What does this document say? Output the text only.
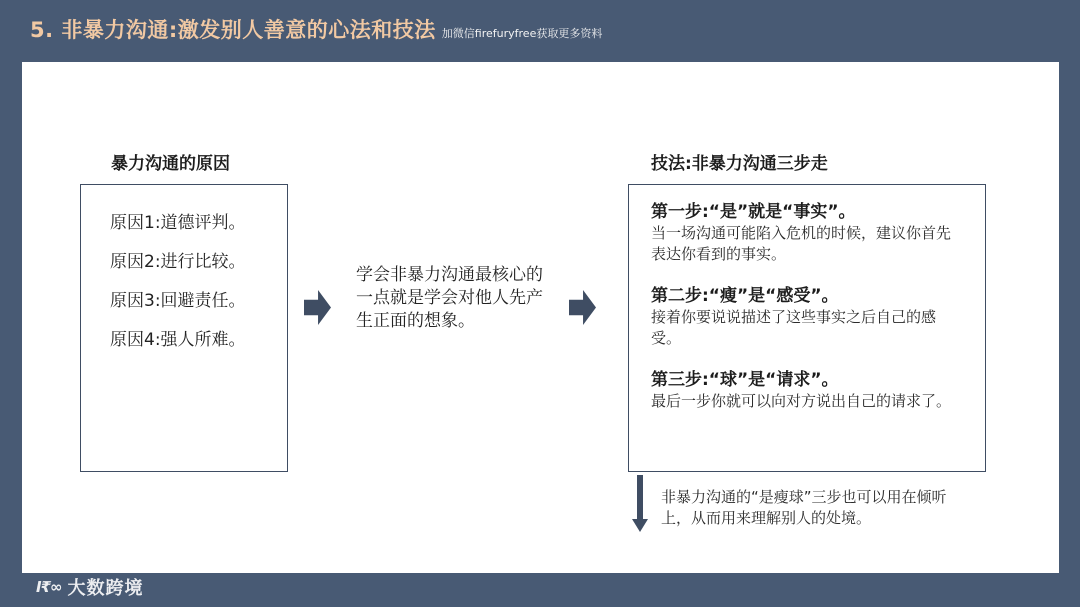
5. 非暴力沟通:激发别人善意的心法和技法 加微信firefuryfree获取更多资料
暴力沟通的原因
原因1:道德评判。
原因2:进行比较。
原因3:回避责任。
原因4:强人所难。
学会非暴力沟通最核心的一点就是学会对他人先产生正面的想象。
技法:非暴力沟通三步走
第一步:“是”就是“事实”。
当一场沟通可能陷入危机的时候，建议你首先表达你看到的事实。
第二步:“瘦”是“感受”。
接着你要说说描述了这些事实之后自己的感受。
第三步:“球”是“请求”。
最后一步你就可以向对方说出自己的请求了。
非暴力沟通的“是瘦球”三步也可以用在倾听上，从而用来理解别人的处境。
Ⅰ₹∞ 大数跨境
